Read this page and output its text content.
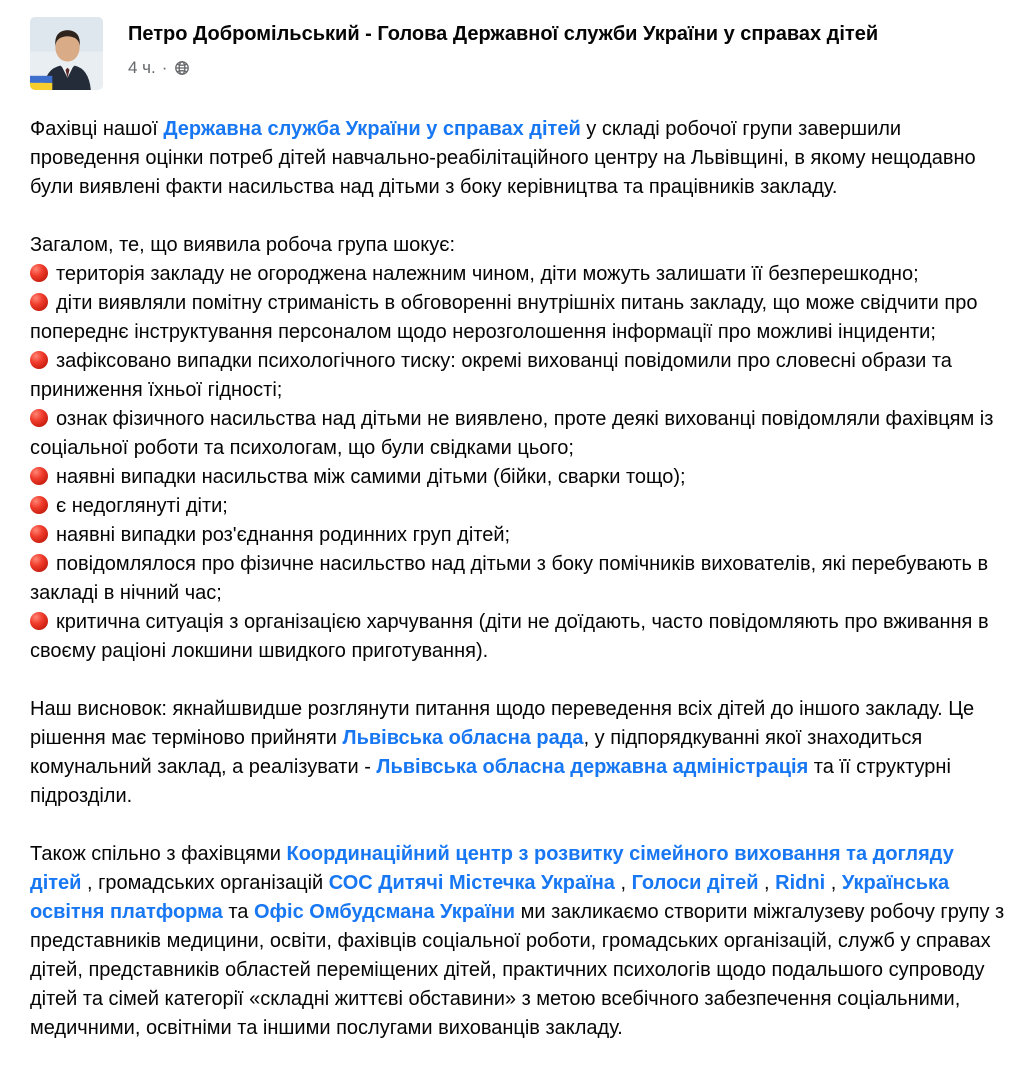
Петро Добромільський - Голова Державної служби України у справах дітей
4 ч. ·
Фахівці нашої Державна служба України у справах дітей у складі робочої групи завершили проведення оцінки потреб дітей навчально-реабілітаційного центру на Львівщині, в якому нещодавно були виявлені факти насильства над дітьми з боку керівництва та працівників закладу.
Загалом, те, що виявила робоча група шокує:
територія закладу не огороджена належним чином, діти можуть залишати її безперешкодно;
діти виявляли помітну стриманість в обговоренні внутрішніх питань закладу, що може свідчити про попереднє інструктування персоналом щодо нерозголошення інформації про можливі інциденти;
зафіксовано випадки психологічного тиску: окремі вихованці повідомили про словесні образи та приниження їхньої гідності;
ознак фізичного насильства над дітьми не виявлено, проте деякі вихованці повідомляли фахівцям із соціальної роботи та психологам, що були свідками цього;
наявні випадки насильства між самими дітьми (бійки, сварки тощо);
є недоглянуті діти;
наявні випадки роз'єднання родинних груп дітей;
повідомлялося про фізичне насильство над дітьми з боку помічників вихователів, які перебувають в закладі в нічний час;
критична ситуація з організацією харчування (діти не доїдають, часто повідомляють про вживання в своєму раціоні локшини швидкого приготування).
Наш висновок: якнайшвидше розглянути питання щодо переведення всіх дітей до іншого закладу. Це рішення має терміново прийняти Львівська обласна рада, у підпорядкуванні якої знаходиться комунальний заклад, а реалізувати - Львівська обласна державна адміністрація та її структурні підрозділи.
Також спільно з фахівцями Координаційний центр з розвитку сімейного виховання та догляду дітей , громадських організацій СОС Дитячі Містечка Україна , Голоси дітей , Ridni , Українська освітня платформа та Офіс Омбудсмана України ми закликаємо створити міжгалузеву робочу групу з представників медицини, освіти, фахівців соціальної роботи, громадських організацій, служб у справах дітей, представників областей переміщених дітей, практичних психологів щодо подальшого супроводу дітей та сімей категорії «складні життєві обставини» з метою всебічного забезпечення соціальними, медичними, освітніми та іншими послугами вихованців закладу.
